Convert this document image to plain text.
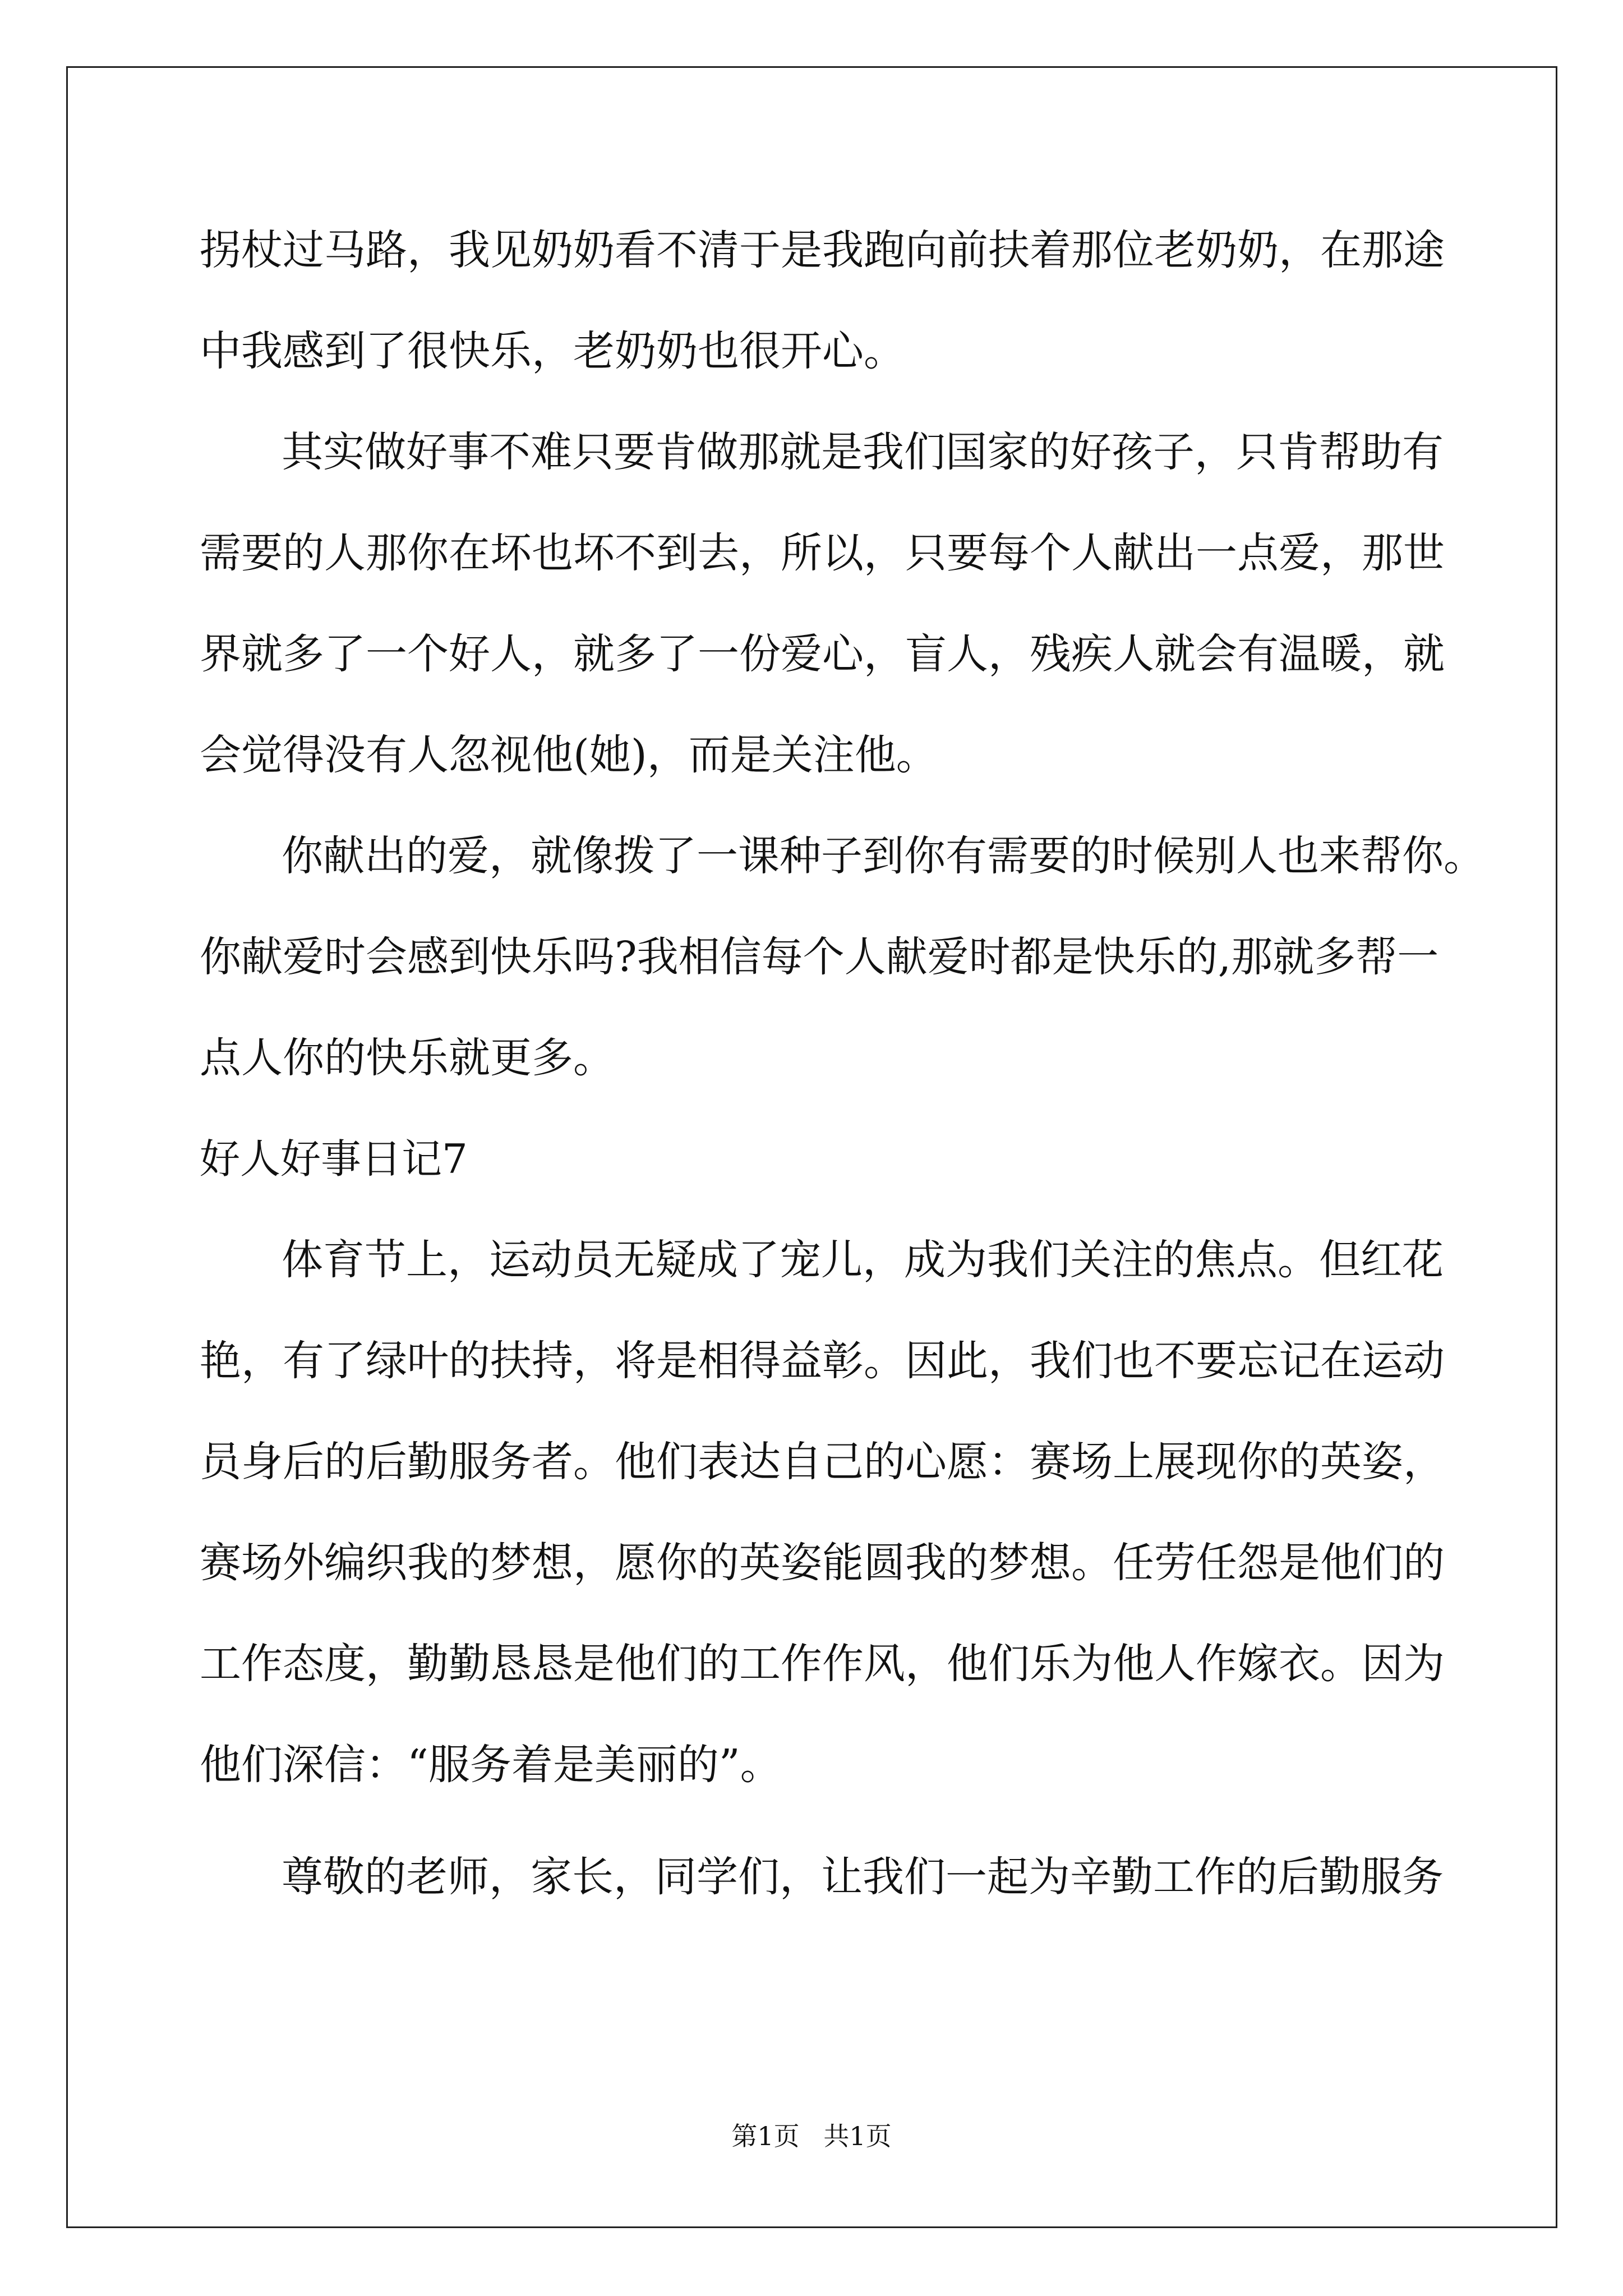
拐杖过马路，我见奶奶看不清于是我跑向前扶着那位老奶奶，在那途
中我感到了很快乐，老奶奶也很开心。
其实做好事不难只要肯做那就是我们国家的好孩子，只肯帮助有
需要的人那你在坏也坏不到去，所以，只要每个人献出一点爱，那世
界就多了一个好人，就多了一份爱心，盲人，残疾人就会有温暖，就
会觉得没有人忽视他(她)，而是关注他。
你献出的爱，就像拨了一课种子到你有需要的时候别人也来帮你。
你献爱时会感到快乐吗?我相信每个人献爱时都是快乐的,那就多帮一
点人你的快乐就更多。
好人好事日记7
体育节上，运动员无疑成了宠儿，成为我们关注的焦点。但红花
艳，有了绿叶的扶持，将是相得益彰。因此，我们也不要忘记在运动
员身后的后勤服务者。他们表达自己的心愿：赛场上展现你的英姿，
赛场外编织我的梦想，愿你的英姿能圆我的梦想。任劳任怨是他们的
工作态度，勤勤恳恳是他们的工作作风，他们乐为他人作嫁衣。因为
他们深信：“服务着是美丽的”。
尊敬的老师，家长，同学们，让我们一起为辛勤工作的后勤服务
第1页 共1页
